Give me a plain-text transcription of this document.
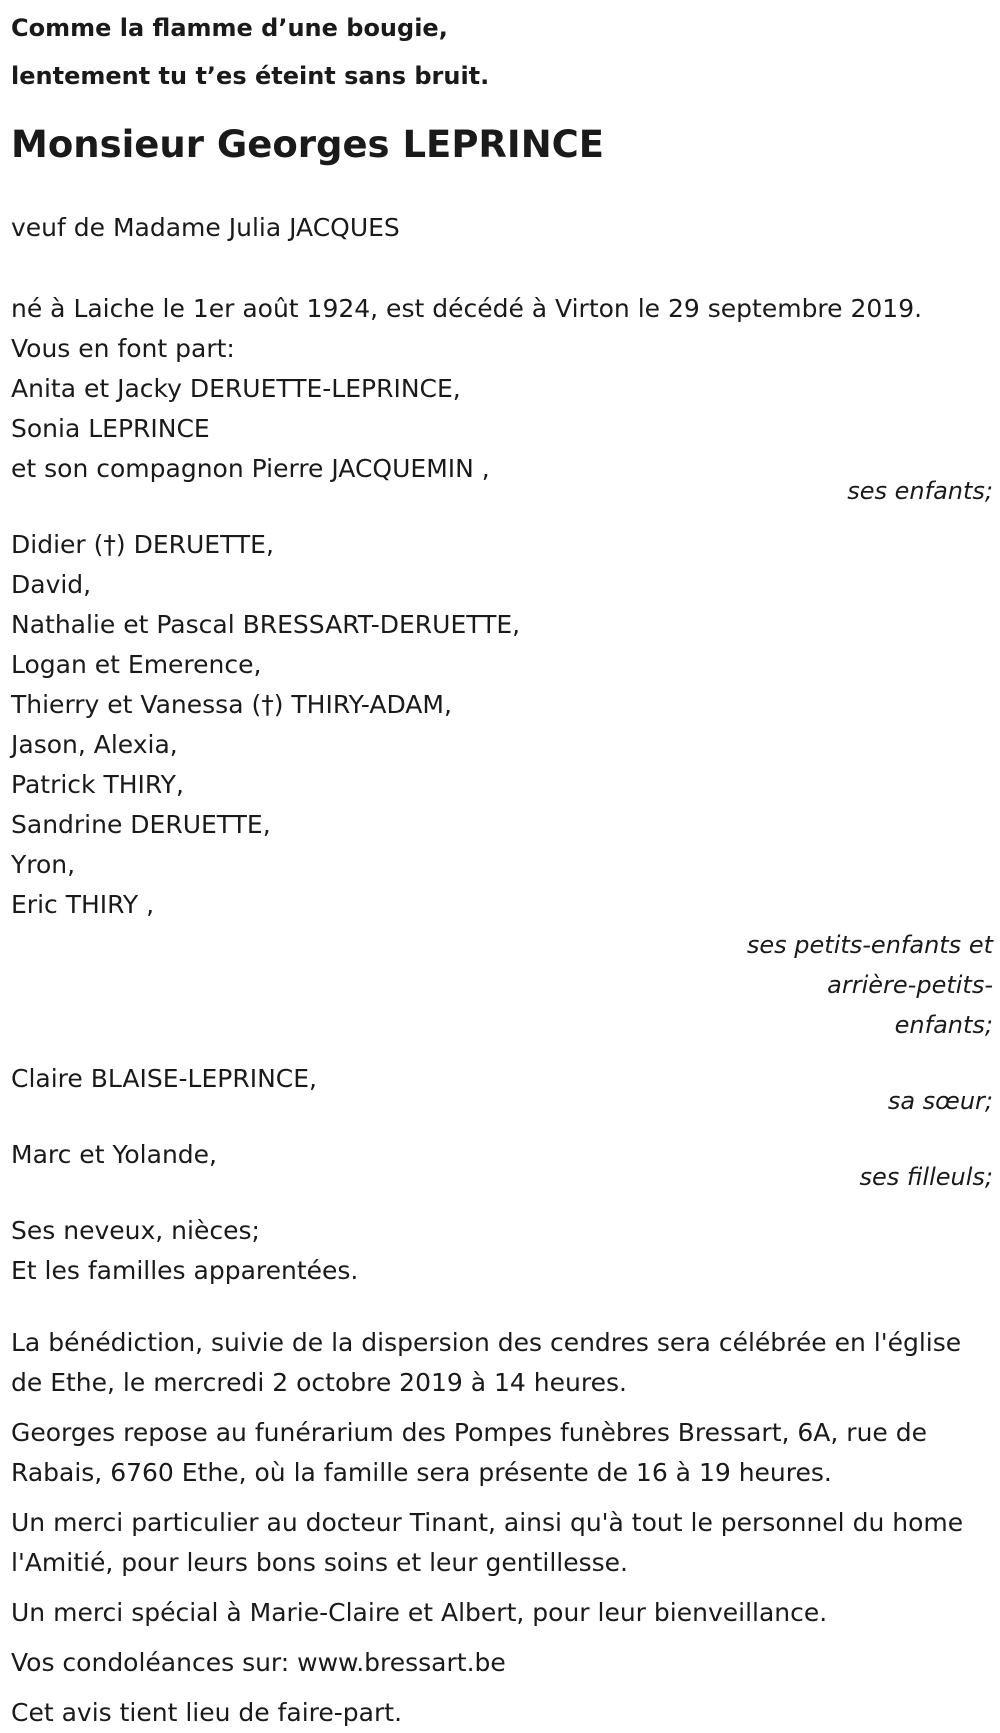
Comme la flamme d’une bougie,

lentement tu t’es éteint sans bruit.

Monsieur Georges LEPRINCE

veuf de Madame Julia JACQUES

né à Laiche le 1er août 1924, est décédé à Virton le 29 septembre 2019.

Vous en font part:

Anita et Jacky DERUETTE-LEPRINCE,
Sonia LEPRINCE
et son compagnon Pierre JACQUEMIN ,

ses enfants;

Didier (†) DERUETTE,
David,
Nathalie et Pascal BRESSART-DERUETTE,
Logan et Emerence,
Thierry et Vanessa (†) THIRY-ADAM,
Jason, Alexia,
Patrick THIRY,
Sandrine DERUETTE,
Yron,
Eric THIRY ,

ses petits-enfants et arrière-petits-enfants;

Claire BLAISE-LEPRINCE,

sa sœur;

Marc et Yolande,

ses filleuls;

Ses neveux, nièces;

Et les familles apparentées.

La bénédiction, suivie de la dispersion des cendres sera célébrée en l'église de Ethe, le mercredi 2 octobre 2019 à 14 heures.

Georges repose au funérarium des Pompes funèbres Bressart, 6A, rue de Rabais, 6760 Ethe, où la famille sera présente de 16 à 19 heures.

Un merci particulier au docteur Tinant, ainsi qu'à tout le personnel du home l'Amitié, pour leurs bons soins et leur gentillesse.

Un merci spécial à Marie-Claire et Albert, pour leur bienveillance.

Vos condoléances sur: www.bressart.be

Cet avis tient lieu de faire-part.
